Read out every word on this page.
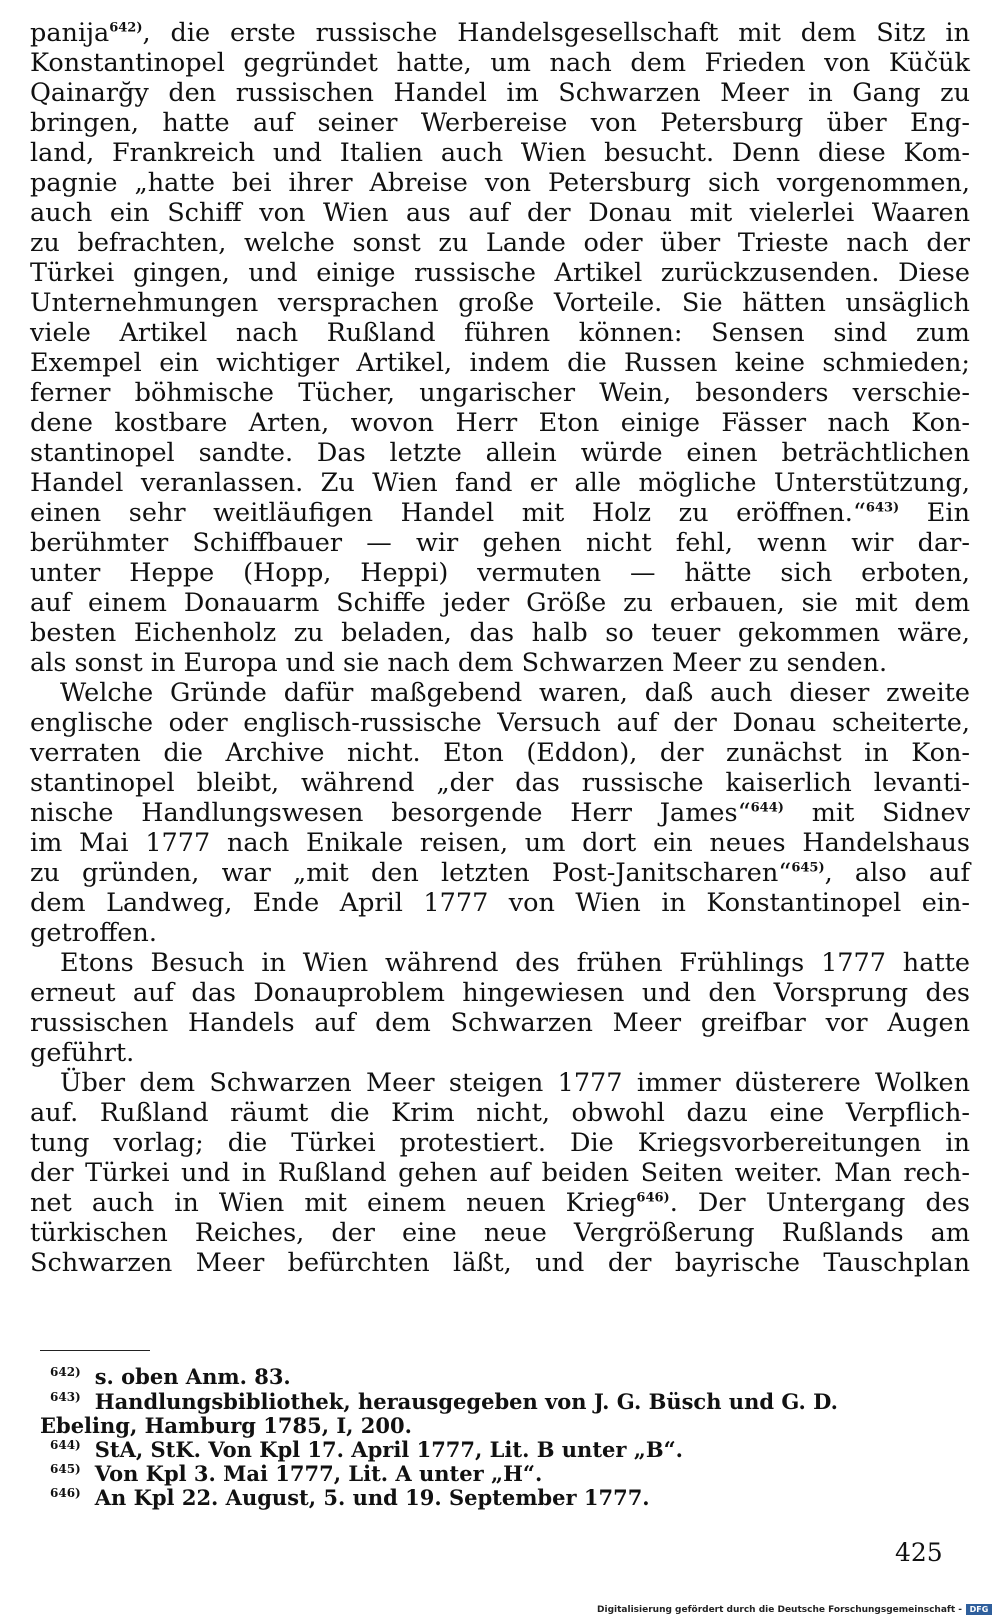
panija$^{642)}$, die erste russische Handelsgesellschaft mit dem Sitz in
Konstantinopel gegründet hatte, um nach dem Frieden von Küčük
Qainarğy den russischen Handel im Schwarzen Meer in Gang zu
bringen, hatte auf seiner Werbereise von Petersburg über Eng-
land, Frankreich und Italien auch Wien besucht. Denn diese Kom-
pagnie „hatte bei ihrer Abreise von Petersburg sich vorgenommen,
auch ein Schiff von Wien aus auf der Donau mit vielerlei Waaren
zu befrachten, welche sonst zu Lande oder über Trieste nach der
Türkei gingen, und einige russische Artikel zurückzusenden. Diese
Unternehmungen versprachen große Vorteile. Sie hätten unsäglich
viele Artikel nach Rußland führen können: Sensen sind zum
Exempel ein wichtiger Artikel, indem die Russen keine schmieden;
ferner böhmische Tücher, ungarischer Wein, besonders verschie-
dene kostbare Arten, wovon Herr Eton einige Fässer nach Kon-
stantinopel sandte. Das letzte allein würde einen beträchtlichen
Handel veranlassen. Zu Wien fand er alle mögliche Unterstützung,
einen sehr weitläufigen Handel mit Holz zu eröffnen.“$^{643)}$ Ein
berühmter Schiffbauer — wir gehen nicht fehl, wenn wir dar-
unter Heppe (Hopp, Heppi) vermuten — hätte sich erboten,
auf einem Donauarm Schiffe jeder Größe zu erbauen, sie mit dem
besten Eichenholz zu beladen, das halb so teuer gekommen wäre,
als sonst in Europa und sie nach dem Schwarzen Meer zu senden.
Welche Gründe dafür maßgebend waren, daß auch dieser zweite
englische oder englisch-russische Versuch auf der Donau scheiterte,
verraten die Archive nicht. Eton (Eddon), der zunächst in Kon-
stantinopel bleibt, während „der das russische kaiserlich levanti-
nische Handlungswesen besorgende Herr James“$^{644)}$ mit Sidnev
im Mai 1777 nach Enikale reisen, um dort ein neues Handelshaus
zu gründen, war „mit den letzten Post-Janitscharen“$^{645)}$, also auf
dem Landweg, Ende April 1777 von Wien in Konstantinopel ein-
getroffen.
Etons Besuch in Wien während des frühen Frühlings 1777 hatte
erneut auf das Donauproblem hingewiesen und den Vorsprung des
russischen Handels auf dem Schwarzen Meer greifbar vor Augen
geführt.
Über dem Schwarzen Meer steigen 1777 immer düsterere Wolken
auf. Rußland räumt die Krim nicht, obwohl dazu eine Verpflich-
tung vorlag; die Türkei protestiert. Die Kriegsvorbereitungen in
der Türkei und in Rußland gehen auf beiden Seiten weiter. Man rech-
net auch in Wien mit einem neuen Krieg$^{646)}$. Der Untergang des
türkischen Reiches, der eine neue Vergrößerung Rußlands am
Schwarzen Meer befürchten läßt, und der bayrische Tauschplan
$^{642)}$ s. oben Anm. 83.
$^{643)}$ Handlungsbibliothek, herausgegeben von J. G. Büsch und G. D.
Ebeling, Hamburg 1785, I, 200.
$^{644)}$ StA, StK. Von Kpl 17. April 1777, Lit. B unter „B“.
$^{645)}$ Von Kpl 3. Mai 1777, Lit. A unter „H“.
$^{646)}$ An Kpl 22. August, 5. und 19. September 1777.
425
Digitalisierung gefördert durch die Deutsche Forschungsgemeinschaft - DFG
